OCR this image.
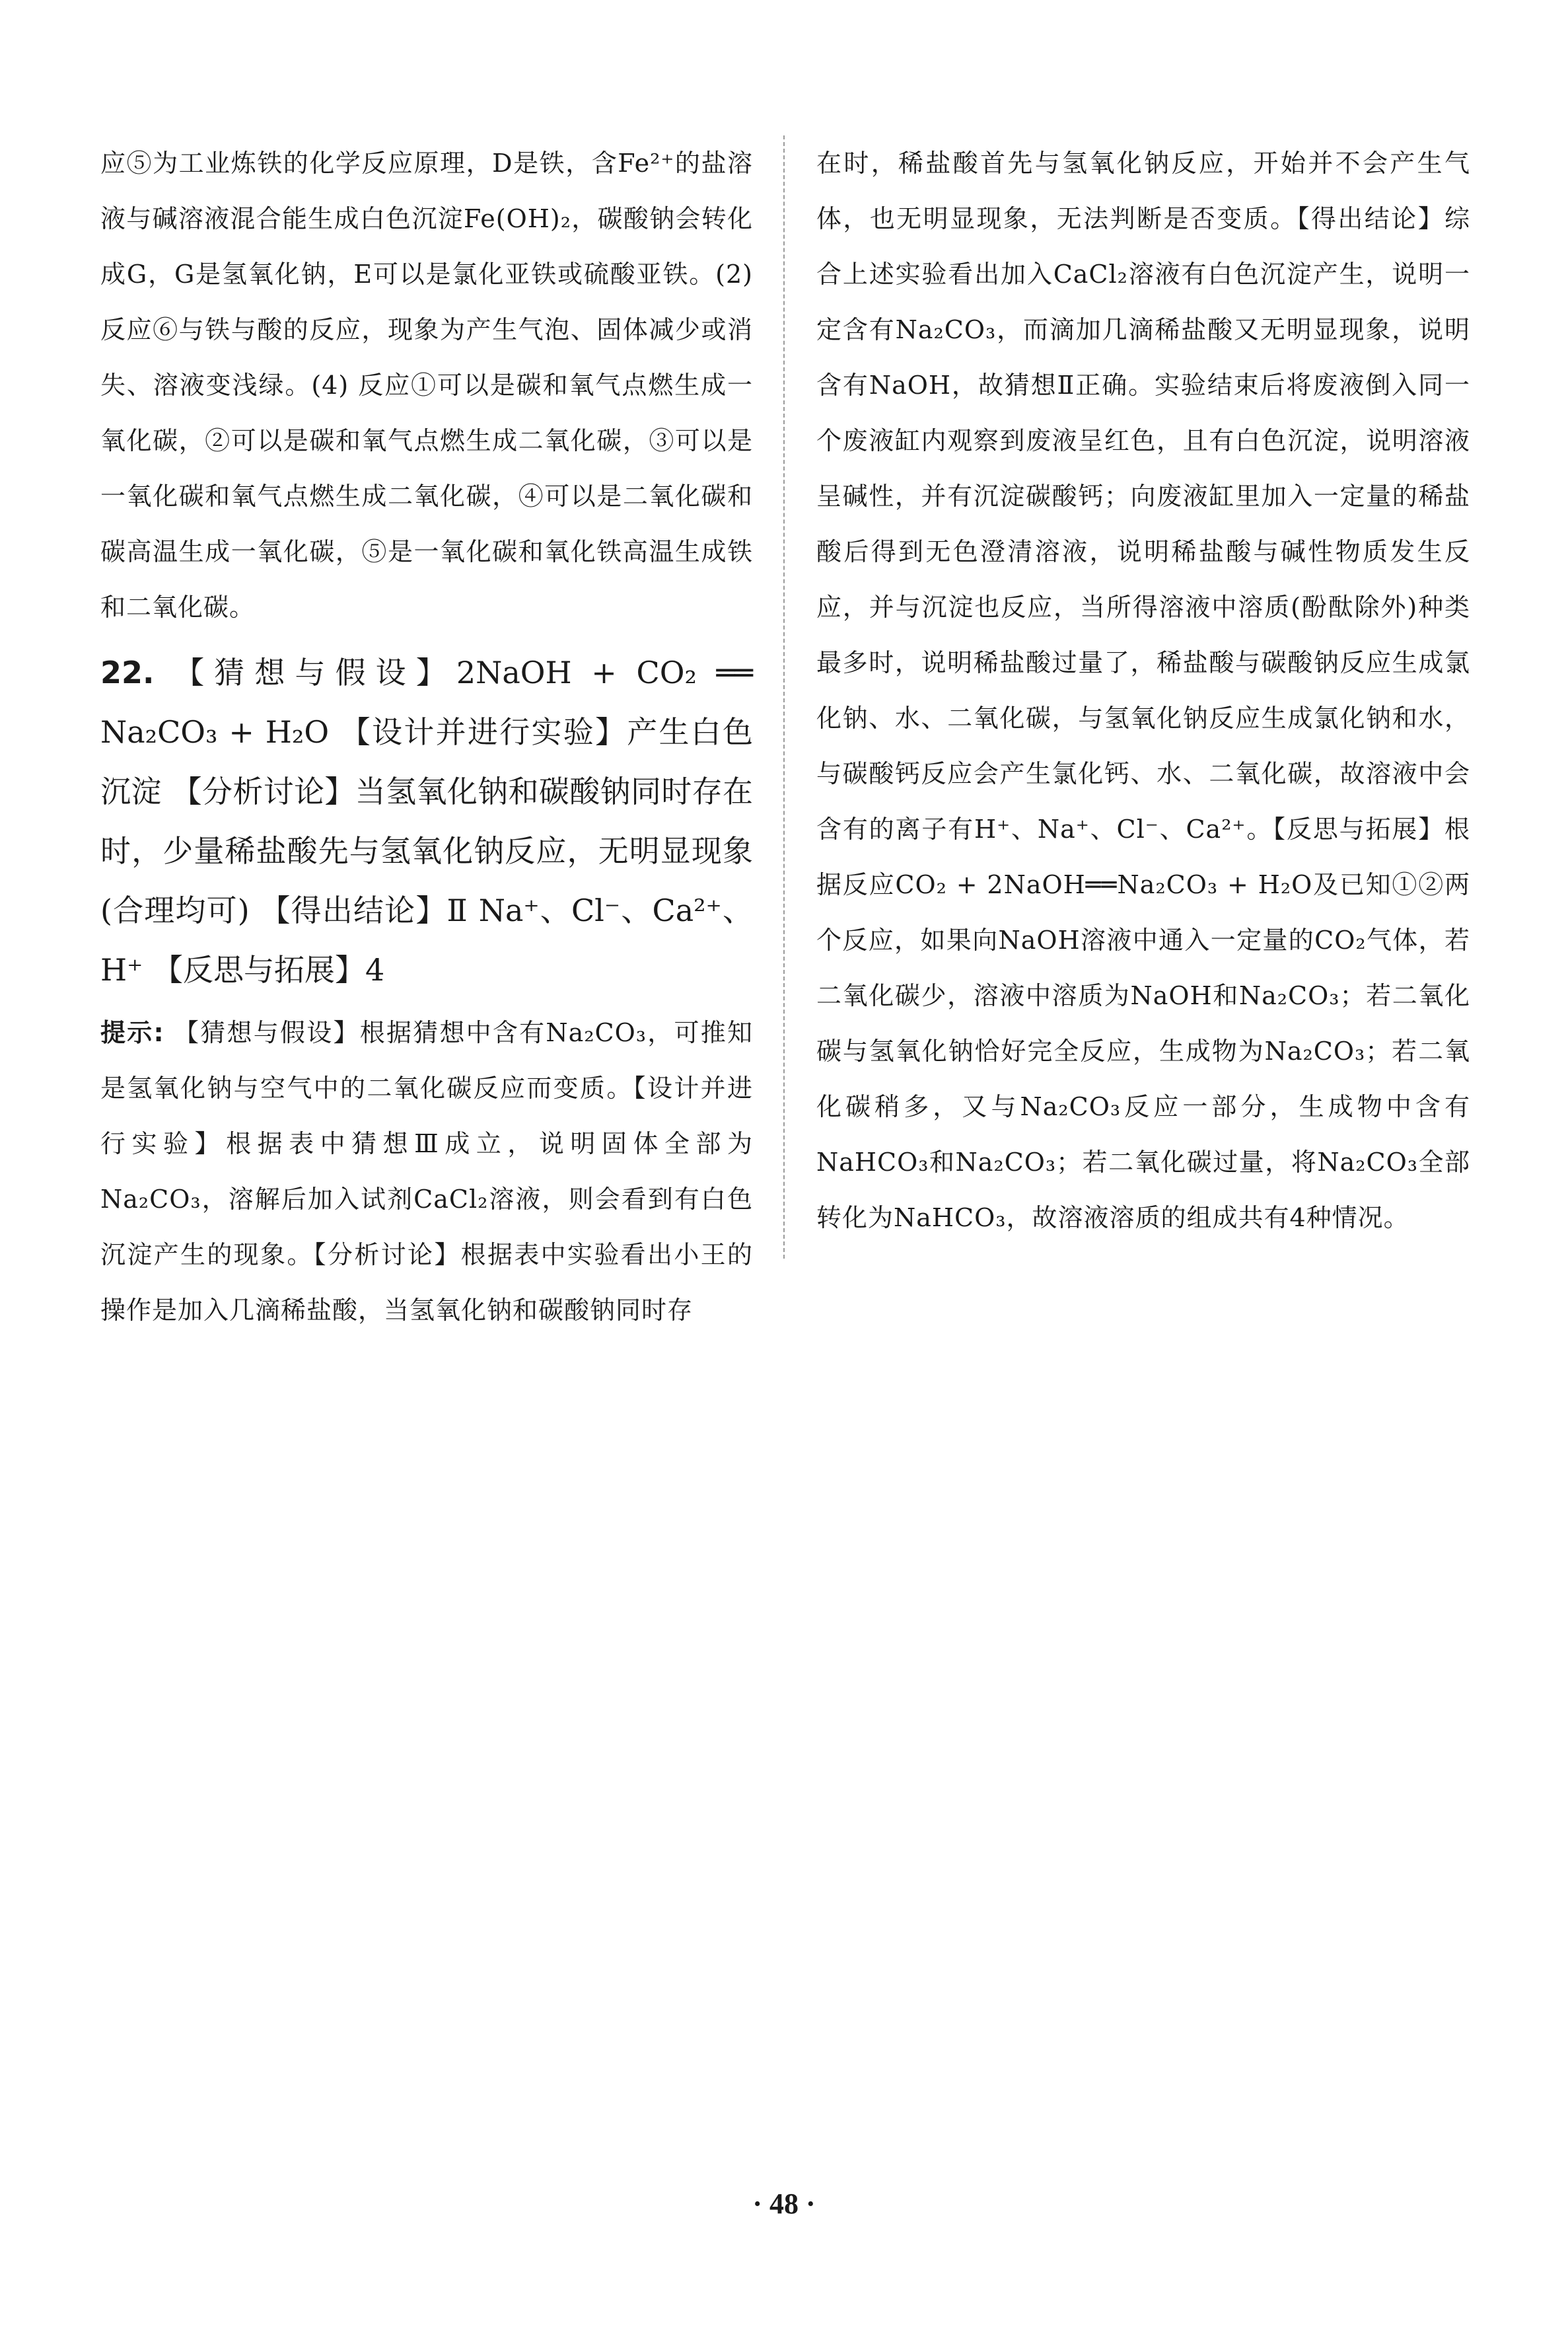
应⑤为工业炼铁的化学反应原理，D是铁，含Fe²⁺的盐溶液与碱溶液混合能生成白色沉淀Fe(OH)₂，碳酸钠会转化成G，G是氢氧化钠，E可以是氯化亚铁或硫酸亚铁。(2) 反应⑥与铁与酸的反应，现象为产生气泡、固体减少或消失、溶液变浅绿。(4) 反应①可以是碳和氧气点燃生成一氧化碳，②可以是碳和氧气点燃生成二氧化碳，③可以是一氧化碳和氧气点燃生成二氧化碳，④可以是二氧化碳和碳高温生成一氧化碳，⑤是一氧化碳和氧化铁高温生成铁和二氧化碳。

22. 【猜想与假设】2NaOH + CO₂ ══ Na₂CO₃ + H₂O 【设计并进行实验】产生白色沉淀 【分析讨论】当氢氧化钠和碳酸钠同时存在时，少量稀盐酸先与氢氧化钠反应，无明显现象(合理均可) 【得出结论】Ⅱ Na⁺、Cl⁻、Ca²⁺、H⁺ 【反思与拓展】4

提示: 【猜想与假设】根据猜想中含有Na₂CO₃，可推知是氢氧化钠与空气中的二氧化碳反应而变质。【设计并进行实验】根据表中猜想Ⅲ成立，说明固体全部为Na₂CO₃，溶解后加入试剂CaCl₂溶液，则会看到有白色沉淀产生的现象。【分析讨论】根据表中实验看出小王的操作是加入几滴稀盐酸，当氢氧化钠和碳酸钠同时存

在时，稀盐酸首先与氢氧化钠反应，开始并不会产生气体，也无明显现象，无法判断是否变质。【得出结论】综合上述实验看出加入CaCl₂溶液有白色沉淀产生，说明一定含有Na₂CO₃，而滴加几滴稀盐酸又无明显现象，说明含有NaOH，故猜想Ⅱ正确。实验结束后将废液倒入同一个废液缸内观察到废液呈红色，且有白色沉淀，说明溶液呈碱性，并有沉淀碳酸钙；向废液缸里加入一定量的稀盐酸后得到无色澄清溶液，说明稀盐酸与碱性物质发生反应，并与沉淀也反应，当所得溶液中溶质(酚酞除外)种类最多时，说明稀盐酸过量了，稀盐酸与碳酸钠反应生成氯化钠、水、二氧化碳，与氢氧化钠反应生成氯化钠和水，与碳酸钙反应会产生氯化钙、水、二氧化碳，故溶液中会含有的离子有H⁺、Na⁺、Cl⁻、Ca²⁺。【反思与拓展】根据反应CO₂ + 2NaOH══Na₂CO₃ + H₂O及已知①②两个反应，如果向NaOH溶液中通入一定量的CO₂气体，若二氧化碳少，溶液中溶质为NaOH和Na₂CO₃；若二氧化碳与氢氧化钠恰好完全反应，生成物为Na₂CO₃；若二氧化碳稍多，又与Na₂CO₃反应一部分，生成物中含有NaHCO₃和Na₂CO₃；若二氧化碳过量，将Na₂CO₃全部转化为NaHCO₃，故溶液溶质的组成共有4种情况。

· 48 ·
